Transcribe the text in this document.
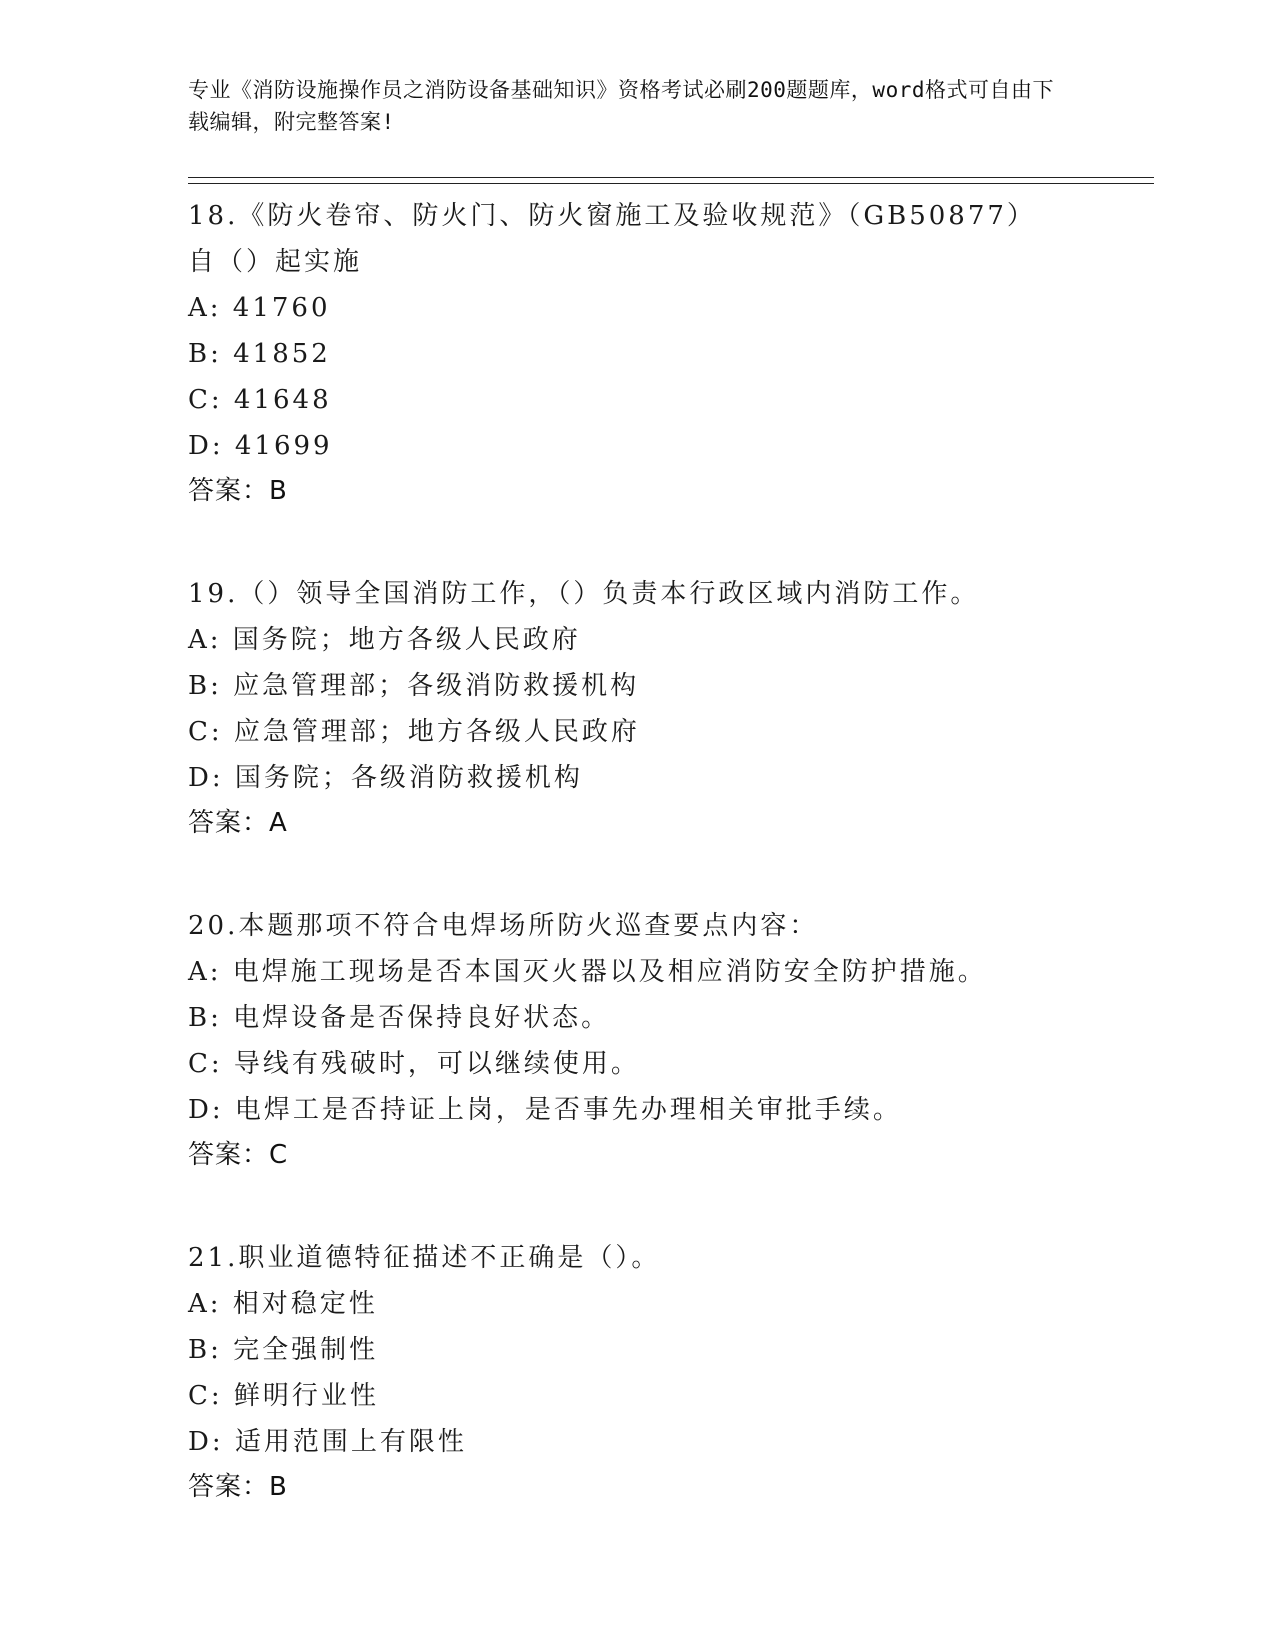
专业《消防设施操作员之消防设备基础知识》资格考试必刷200题题库，word格式可自由下载编辑，附完整答案!
18.《防火卷帘、防火门、防火窗施工及验收规范》（GB50877）自（）起实施
A: 41760
B: 41852
C: 41648
D: 41699
答案：B
19.（）领导全国消防工作，（）负责本行政区域内消防工作。
A: 国务院；地方各级人民政府
B: 应急管理部；各级消防救援机构
C: 应急管理部；地方各级人民政府
D: 国务院；各级消防救援机构
答案：A
20.本题那项不符合电焊场所防火巡查要点内容：
A: 电焊施工现场是否本国灭火器以及相应消防安全防护措施。
B: 电焊设备是否保持良好状态。
C: 导线有残破时，可以继续使用。
D: 电焊工是否持证上岗，是否事先办理相关审批手续。
答案：C
21.职业道德特征描述不正确是（）。
A: 相对稳定性
B: 完全强制性
C: 鲜明行业性
D: 适用范围上有限性
答案：B
